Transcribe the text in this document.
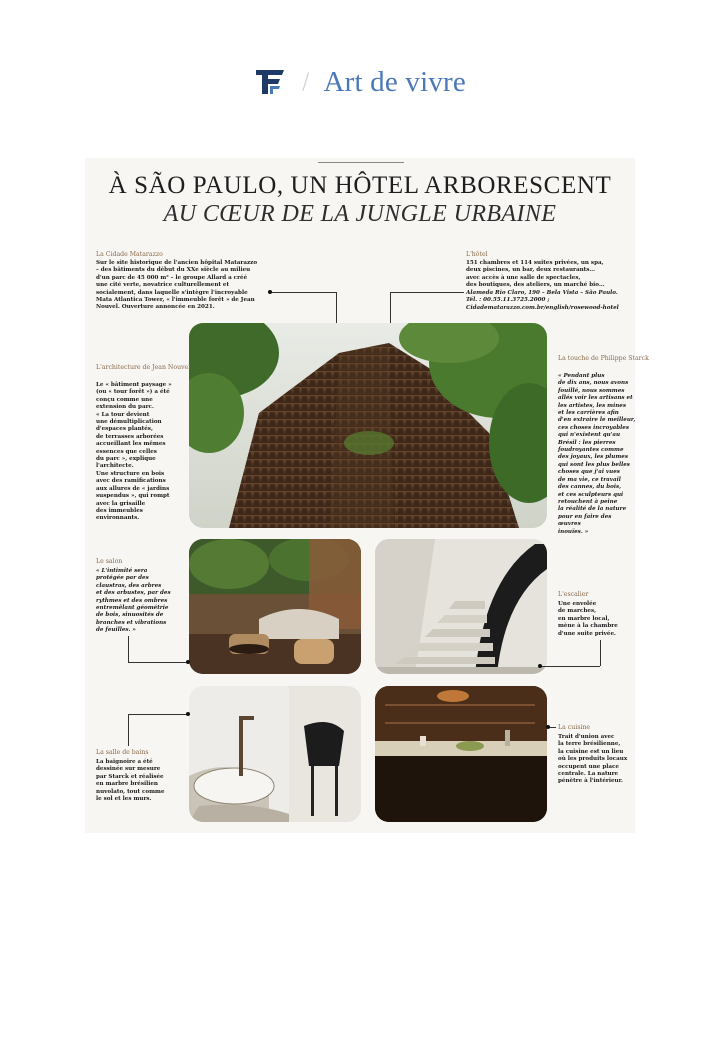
/ Art de vivre
À SÃO PAULO, UN HÔTEL ARBORESCENT
AU CŒUR DE LA JUNGLE URBAINE
La Cidade Matarazzo
Sur le site historique de l'ancien hôpital Matarazzo
– des bâtiments du début du XXe siècle au milieu
d'un parc de 45 000 m² – le groupe Allard a créé
une cité verte, novatrice culturellement et
socialement, dans laquelle s'intègre l'incroyable
Mata Atlantica Tower, « l'immeuble forêt » de Jean
Nouvel. Ouverture annoncée en 2021.
L'hôtel
151 chambres et 114 suites privées, un spa,
deux piscines, un bar, deux restaurants…
avec accès à une salle de spectacles,
des boutiques, des ateliers, un marché bio…
Alameda Rio Claro, 190 – Bela Vista – São Paulo.
Tél. : 00.55.11.3725.2000 ;
Cidadematarazzo.com.br/english/rosewood-hotel
L'architecture de Jean Nouvel
Le « bâtiment paysage »
(ou « tour forêt ») a été
conçu comme une
extension du parc.
« La tour devient
une démultiplication
d'espaces plantés,
de terrasses arborées
accueillant les mêmes
essences que celles
du parc », explique
l'architecte.
Une structure en bois
avec des ramifications
aux allures de « jardins
suspendus », qui rompt
avec la grisaille
des immeubles
environnants.
La touche de Philippe Starck
« Pendant plus
de dix ans, nous avons
fouillé, nous sommes
allés voir les artisans et
les artistes, les mines
et les carrières afin
d'en extraire le meilleur,
ces choses incroyables
qui n'existent qu'au
Brésil : les pierres
foudroyantes comme
des joyaux, les plumes
qui sont les plus belles
choses que j'ai vues
de ma vie, ce travail
des cannes, du bois,
et ces sculpteurs qui
retouchent à peine
la réalité de la nature
pour en faire des œuvres
inouïes. »
Le salon
« L'intimité sera
protégée par des
claustras, des arbres
et des arbustes, par des
rythmes et des ombres
entremêlant géométrie
de bois, sinuosités de
branches et vibrations
de feuilles. »
L'escalier
Une envolée
de marches,
en marbre local,
mène à la chambre
d'une suite privée.
La salle de bains
La baignoire a été
dessinée sur mesure
par Starck et réalisée
en marbre brésilien
nuvolato, tout comme
le sol et les murs.
La cuisine
Trait d'union avec
la terre brésilienne,
la cuisine est un lieu
où les produits locaux
occupent une place
centrale. La nature
pénètre à l'intérieur.
